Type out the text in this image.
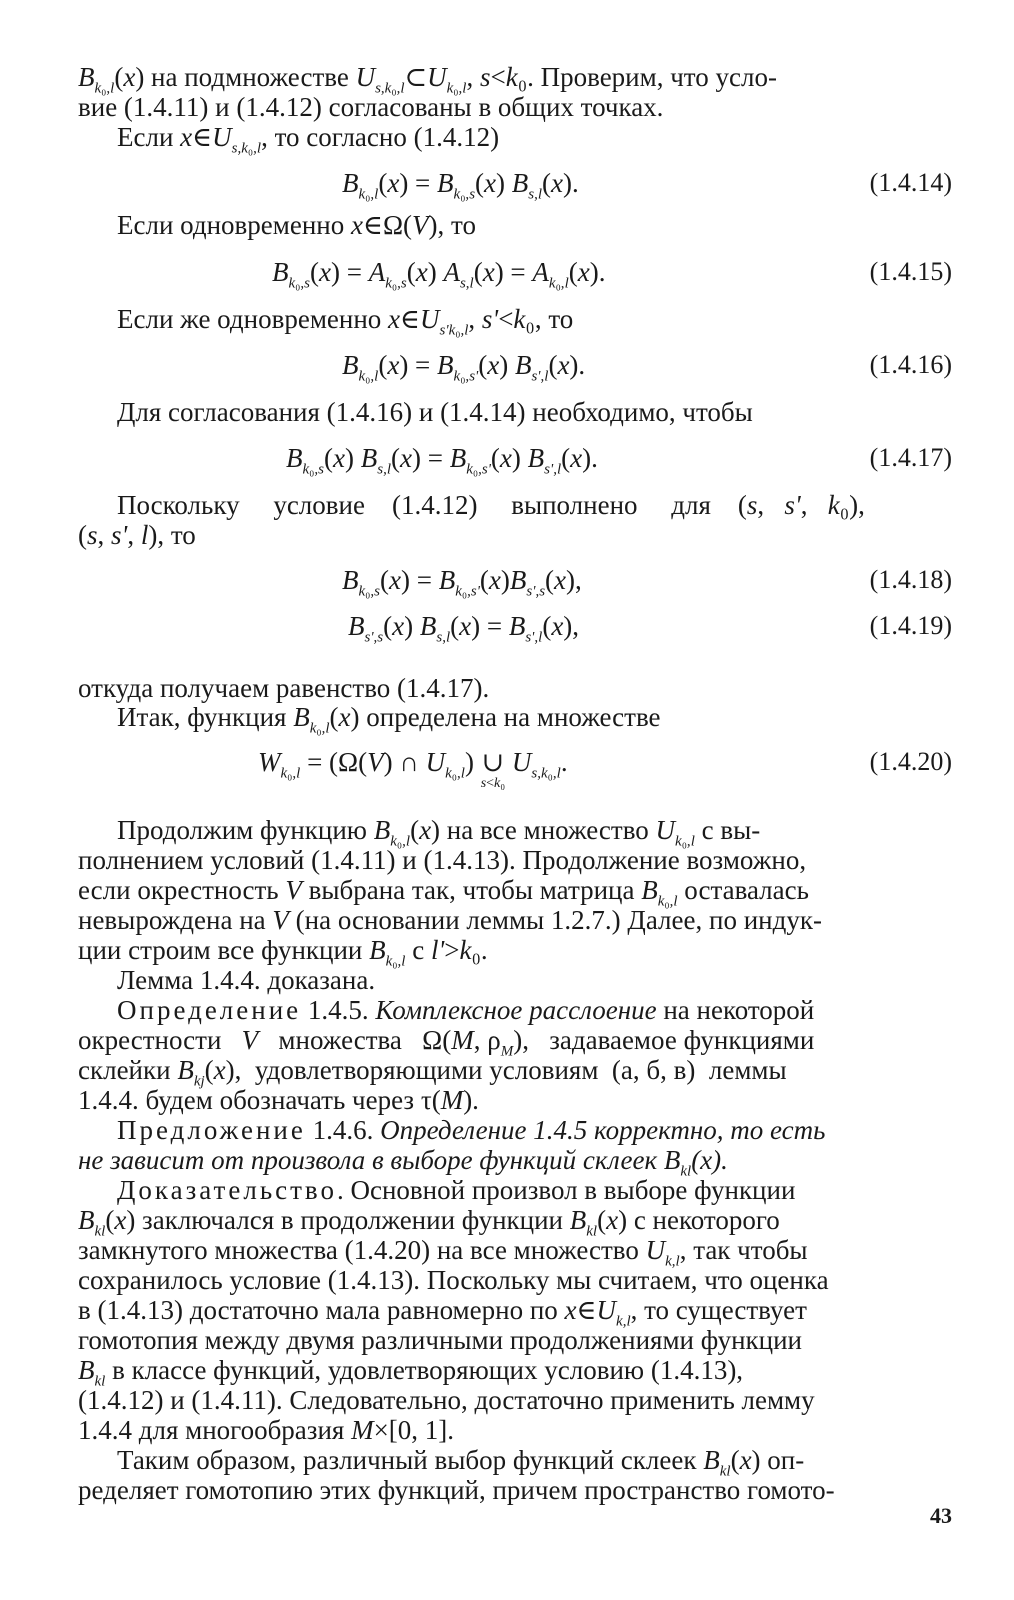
$B_{k_0,l}(x)$ на подмножестве $U_{s,k_0,l}\subset U_{k_0,l}$, s<k₀. Проверим, что усло-
вие (1.4.11) и (1.4.12) согласованы в общих точках.
Если $x\in U_{s,k_0,l}$, то согласно (1.4.12)
$B_{k_0,l}(x) = B_{k_0,s}(x)$ $B_{s,l}(x)$.	(1.4.14)
Если одновременно x∈Ω(V), то
$B_{k_0,s}(x) = A_{k_0,s}(x) A_{s,l}(x) = A_{k_0,l}(x)$.	(1.4.15)
Если же одновременно $x\in U_{s'k_0,l}$, s'<k₀, то
$B_{k_0,l}(x) = B_{k_0,s'}(x)$ $B_{s',l}(x)$.	(1.4.16)
Для согласования (1.4.16) и (1.4.14) необходимо, чтобы
$B_{k_0,s}(x) B_{s,l}(x) = B_{k_0,s'}(x)$ $B_{s',l}(x)$.	(1.4.17)
Поскольку     условие    (1.4.12)     выполнено     для    (s,   s',   k₀),
(s, s', l), то
$B_{k_0,s}(x) = B_{k_0,s'}(x)B_{s',s}(x)$,	(1.4.18)
$B_{s',s}(x) B_{s,l}(x) = B_{s',l}(x)$,	(1.4.19)
откуда получаем равенство (1.4.17).
Итак, функция $B_{k_0,l}(x)$ определена на множестве
$W_{k_0,l} = (\Omega(V)$ ∩ $U_{k_0,l}$) ∪

s<k₀
$U_{s,k_0,l}$.	(1.4.20)
Продолжим функцию $B_{k_0,l}(x)$ на все множество $U_{k_0,l}$ с вы-
полнением условий (1.4.11) и (1.4.13). Продолжение возможно,
если окрестность V выбрана так, чтобы матрица $B_{k_0,l}$ оставалась
невырождена на V (на основании леммы 1.2.7.) Далее, по индук-
ции строим все функции $B_{k_0,l}$ с l'>k₀.
Лемма 1.4.4. доказана.
Определение 1.4.5. Комплексное расслоение на некоторой
окрестности   V   множества   Ω(M, $\rho_M$),   задаваемое функциями
склейки $B_{kj}(x)$,  удовлетворяющими условиям  (а, б, в)  леммы
1.4.4. будем обозначать через τ(M).
Предложение 1.4.6. Определение 1.4.5 корректно, то есть
не зависит от произвола в выборе функций склеек $B_{kl}(x)$.
Доказательство. Основной произвол в выборе функции
$B_{kl}(x)$ заключался в продолжении функции $B_{kl}(x)$ с некоторого
замкнутого множества (1.4.20) на все множество $U_{k,l}$, так чтобы
сохранилось условие (1.4.13). Поскольку мы считаем, что оценка
в (1.4.13) достаточно мала равномерно по $x\in U_{k,l}$, то существует
гомотопия между двумя различными продолжениями функции
$B_{kl}$ в классе функций, удовлетворяющих условию (1.4.13),
(1.4.12) и (1.4.11). Следовательно, достаточно применить лемму
1.4.4 для многообразия M×[0, 1].
Таким образом, различный выбор функций склеек $B_{kl}(x)$ оп-
ределяет гомотопию этих функций, причем пространство гомото-
43
